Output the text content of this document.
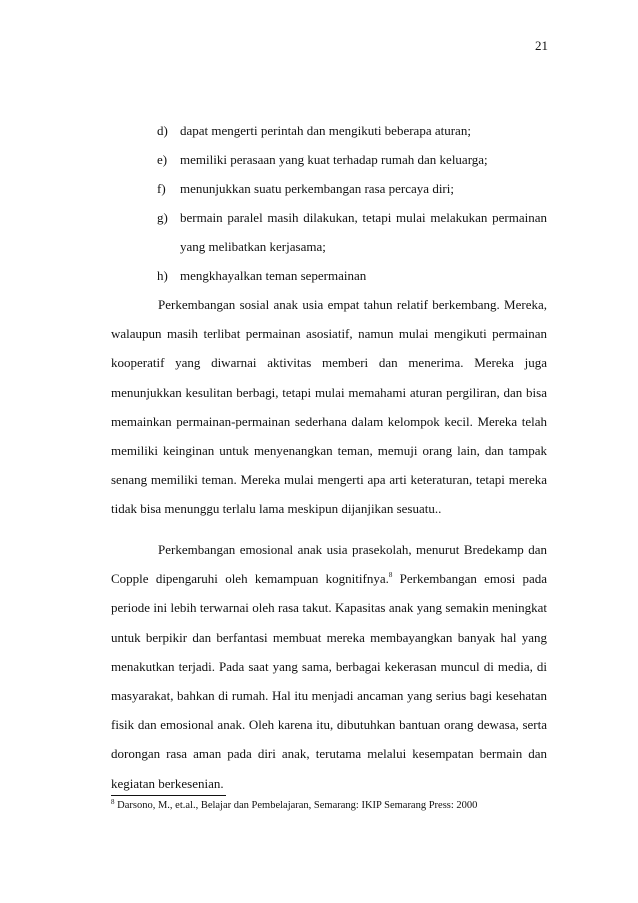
21
d) dapat mengerti perintah dan mengikuti beberapa aturan;
e) memiliki perasaan yang kuat terhadap rumah dan keluarga;
f) menunjukkan suatu perkembangan rasa percaya diri;
g) bermain paralel masih dilakukan, tetapi mulai melakukan permainan
yang melibatkan kerjasama;
h) mengkhayalkan teman sepermainan

Perkembangan sosial anak usia empat tahun relatif berkembang. Mereka, walaupun masih terlibat permainan asosiatif, namun mulai mengikuti permainan kooperatif yang diwarnai aktivitas memberi dan menerima. Mereka juga menunjukkan kesulitan berbagi, tetapi mulai memahami aturan pergiliran, dan bisa memainkan permainan-permainan sederhana dalam kelompok kecil. Mereka telah memiliki keinginan untuk menyenangkan teman, memuji orang lain, dan tampak senang memiliki teman. Mereka mulai mengerti apa arti keteraturan, tetapi mereka tidak bisa menunggu terlalu lama meskipun dijanjikan sesuatu..

Perkembangan emosional anak usia prasekolah, menurut Bredekamp dan Copple dipengaruhi oleh kemampuan kognitifnya.$^8$ Perkembangan emosi pada periode ini lebih terwarnai oleh rasa takut. Kapasitas anak yang semakin meningkat untuk berpikir dan berfantasi membuat mereka membayangkan banyak hal yang menakutkan terjadi. Pada saat yang sama, berbagai kekerasan muncul di media, di masyarakat, bahkan di rumah. Hal itu menjadi ancaman yang serius bagi kesehatan fisik dan emosional anak. Oleh karena itu, dibutuhkan bantuan orang dewasa, serta dorongan rasa aman pada diri anak, terutama melalui kesempatan bermain dan kegiatan berkesenian.

$^8$ Darsono, M., et.al., Belajar dan Pembelajaran, Semarang: IKIP Semarang Press: 2000
